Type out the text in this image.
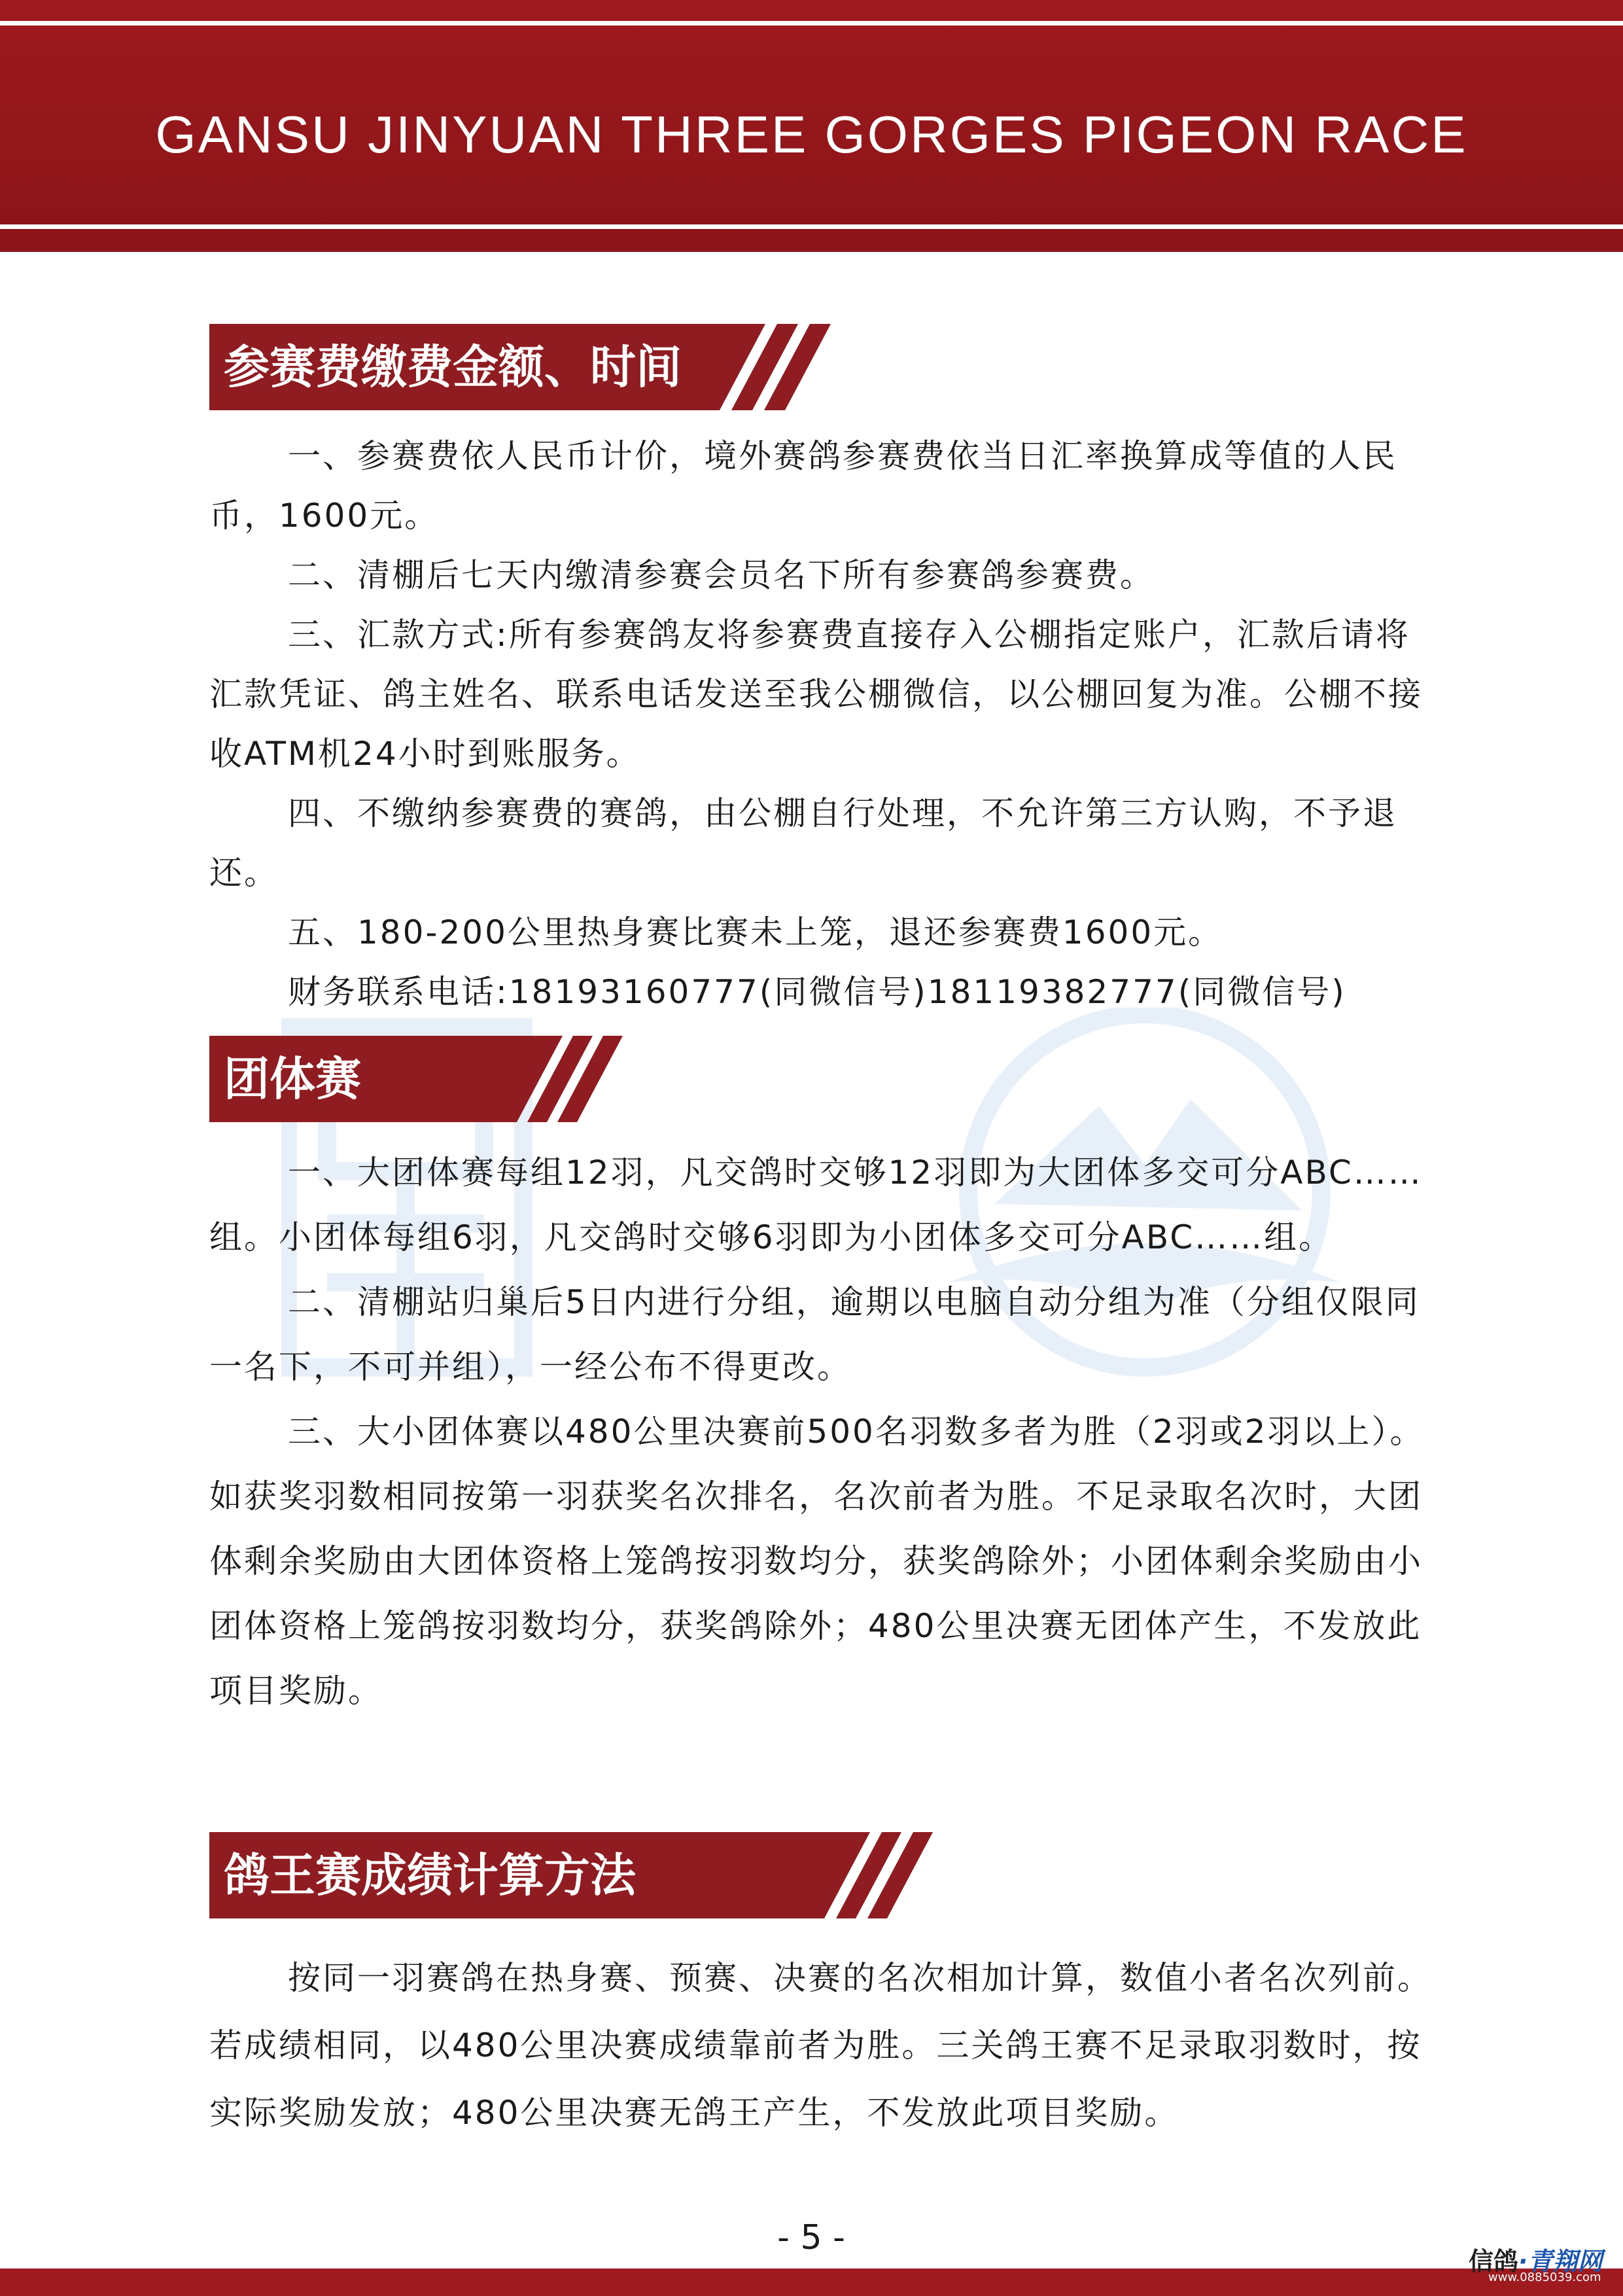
GANSU JINYUAN THREE GORGES PIGEON RACE
参赛费缴费金额、时间

一、参赛费依人民币计价，境外赛鸽参赛费依当日汇率换算成等值的人民币，1600元。

二、清棚后七天内缴清参赛会员名下所有参赛鸽参赛费。

三、汇款方式:所有参赛鸽友将参赛费直接存入公棚指定账户，汇款后请将汇款凭证、鸽主姓名、联系电话发送至我公棚微信，以公棚回复为准。公棚不接收ATM机24小时到账服务。

四、不缴纳参赛费的赛鸽，由公棚自行处理，不允许第三方认购，不予退还。

五、180-200公里热身赛比赛未上笼，退还参赛费1600元。

财务联系电话:18193160777(同微信号)18119382777(同微信号)

团体赛

一、大团体赛每组12羽，凡交鸽时交够12羽即为大团体多交可分ABC……组。小团体每组6羽，凡交鸽时交够6羽即为小团体多交可分ABC……组。

二、清棚站归巢后5日内进行分组，逾期以电脑自动分组为准（分组仅限同一名下，不可并组），一经公布不得更改。

三、大小团体赛以480公里决赛前500名羽数多者为胜（2羽或2羽以上）。如获奖羽数相同按第一羽获奖名次排名，名次前者为胜。不足录取名次时，大团体剩余奖励由大团体资格上笼鸽按羽数均分，获奖鸽除外；小团体剩余奖励由小团体资格上笼鸽按羽数均分，获奖鸽除外；480公里决赛无团体产生，不发放此项目奖励。

鸽王赛成绩计算方法

按同一羽赛鸽在热身赛、预赛、决赛的名次相加计算，数值小者名次列前。若成绩相同，以480公里决赛成绩靠前者为胜。三关鸽王赛不足录取羽数时，按实际奖励发放；480公里决赛无鸽王产生，不发放此项目奖励。

- 5 -
信鸽·青翔网
www.0885039.com
